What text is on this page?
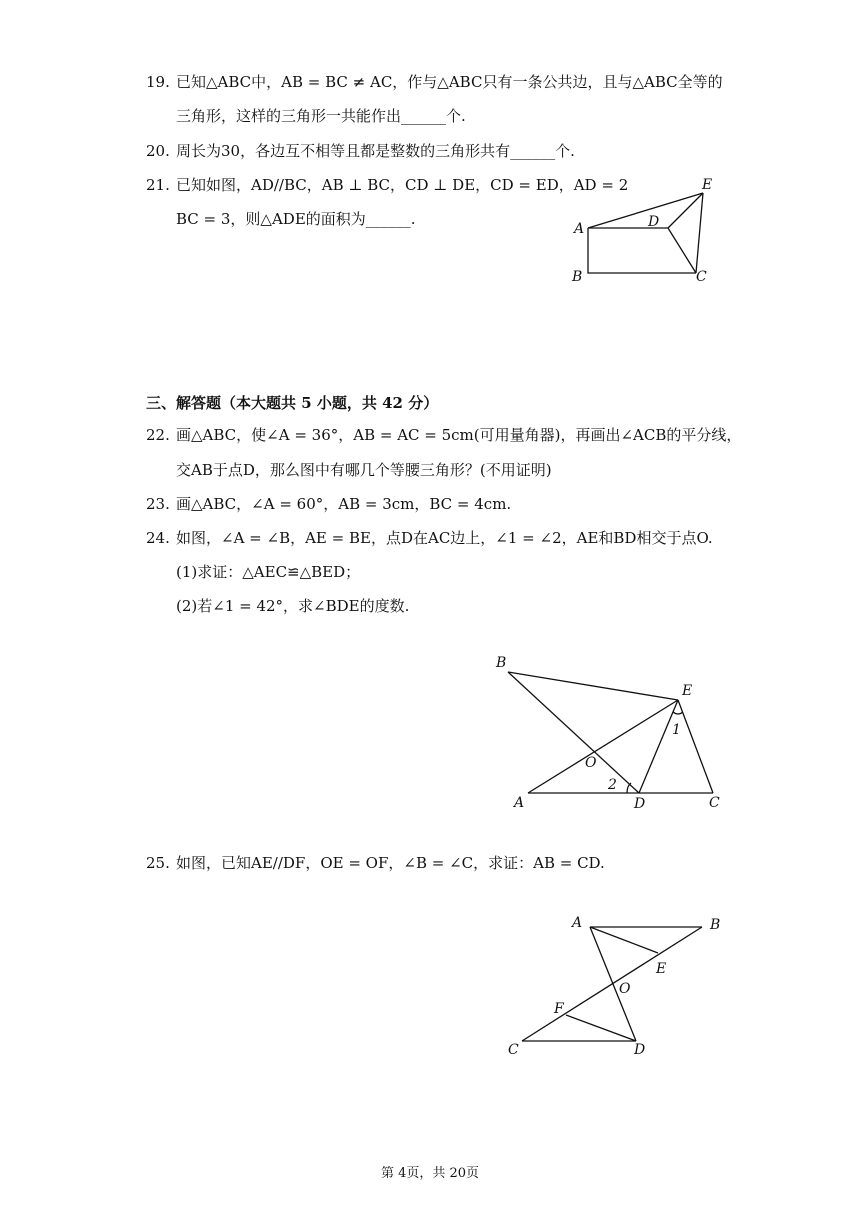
19. 已知△ABC中，AB = BC ≠ AC，作与△ABC只有一条公共边，且与△ABC全等的
三角形，这样的三角形一共能作出______个.
20. 周长为30，各边互不相等且都是整数的三角形共有______个.
21. 已知如图，AD//BC，AB ⊥ BC，CD ⊥ DE，CD = ED，AD = 2
BC = 3，则△ADE的面积为______.
E
A	D
B	C
三、解答题（本大题共 5 小题，共 42 分）
22. 画△ABC，使∠A = 36°，AB = AC = 5cm(可用量角器)，再画出∠ACB的平分线，
交AB于点D，那么图中有哪几个等腰三角形？(不用证明)
23. 画△ABC，∠A = 60°，AB = 3cm，BC = 4cm.
24. 如图，∠A = ∠B，AE = BE，点D在AC边上，∠1 = ∠2，AE和BD相交于点O.
(1)求证：△AEC≌△BED；
(2)若∠1 = 42°，求∠BDE的度数.
B
E
1
O
2
A	D	C
25. 如图，已知AE//DF，OE = OF，∠B = ∠C，求证：AB = CD.
A	B
E
O
F
C	D
第 4页，共 20页
